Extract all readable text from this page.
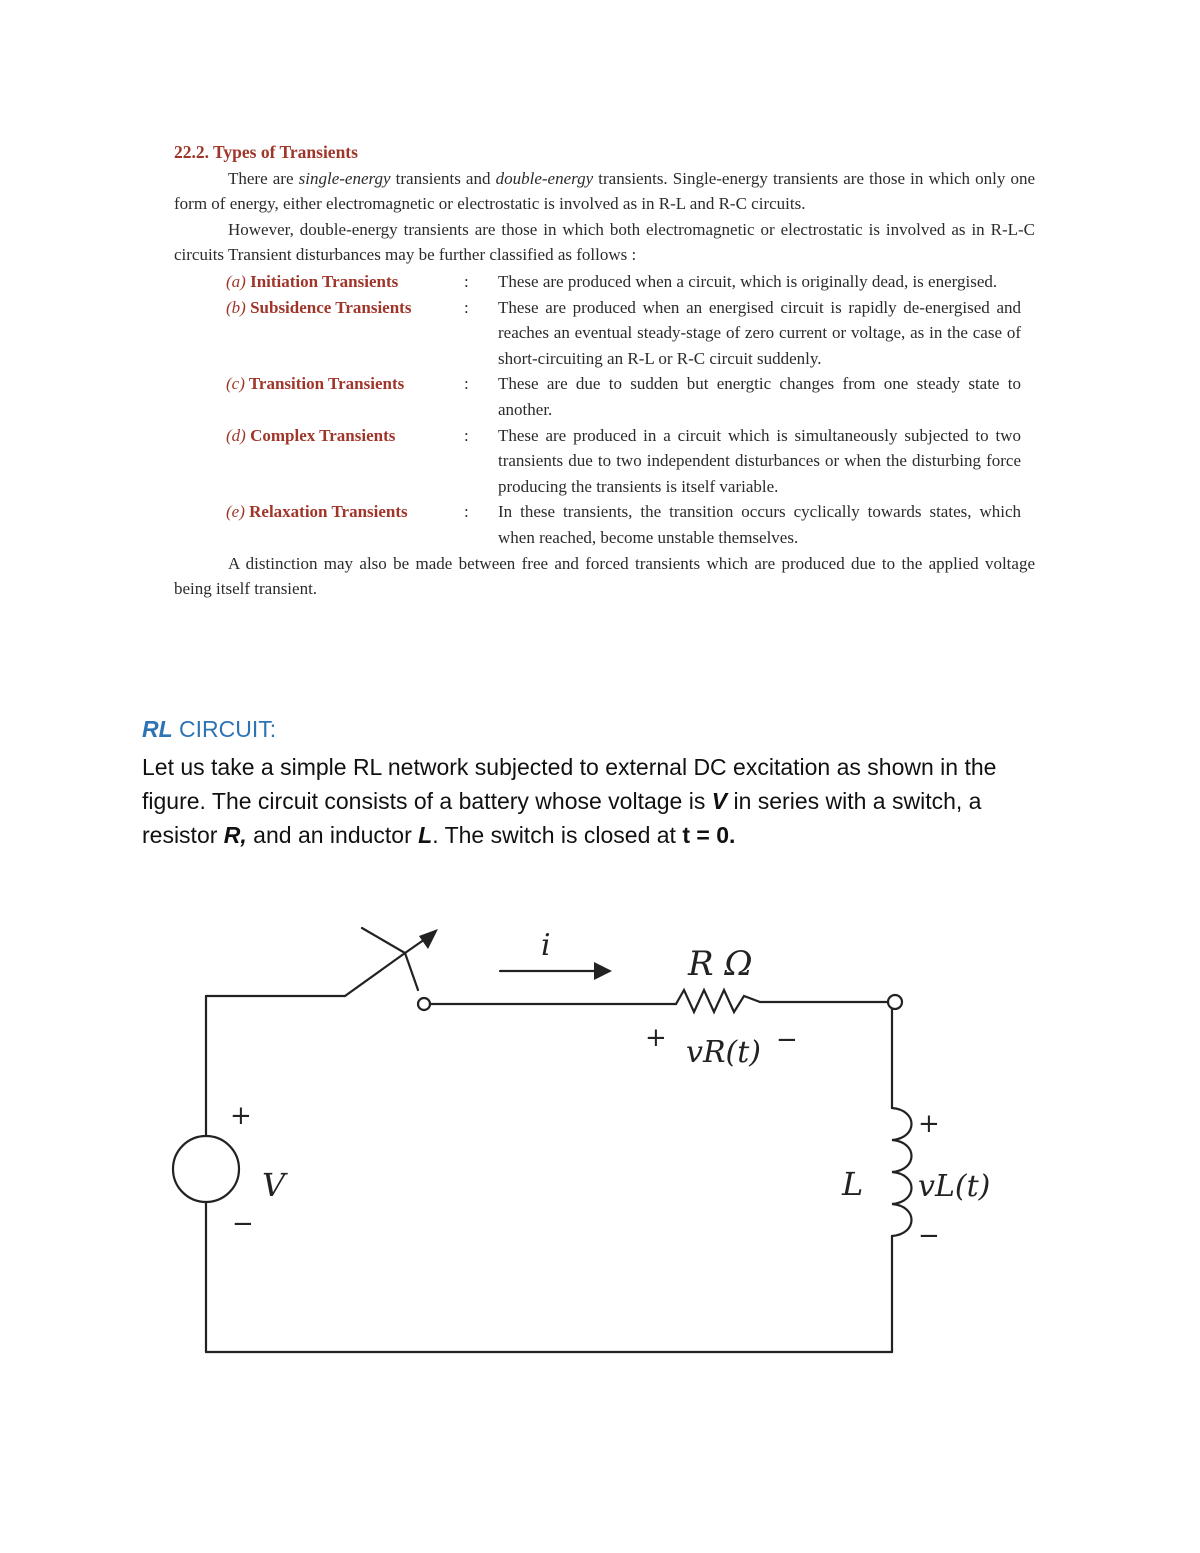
22.2. Types of Transients

There are single-energy transients and double-energy transients. Single-energy transients are those in which only one form of energy, either electromagnetic or electrostatic is involved as in R-L and R-C circuits.

However, double-energy transients are those in which both electromagnetic or electrostatic is involved as in R-L-C circuits Transient disturbances may be further classified as follows :

(a) Initiation Transients	:	These are produced when a circuit, which is originally dead, is energised.
(b) Subsidence Transients	:	These are produced when an energised circuit is rapidly de-energised and reaches an eventual steady-stage of zero current or voltage, as in the case of short-circuiting an R-L or R-C circuit suddenly.
(c) Transition Transients	:	These are due to sudden but energtic changes from one steady state to another.
(d) Complex Transients	:	These are produced in a circuit which is simultaneously subjected to two transients due to two independent disturbances or when the disturbing force producing the transients is itself variable.
(e) Relaxation Transients	:	In these transients, the transition occurs cyclically towards states, which when reached, become unstable themselves.

A distinction may also be made between free and forced transients which are produced due to the applied voltage being itself transient.

RL CIRCUIT:
Let us take a simple RL network subjected to external DC excitation as shown in the figure. The circuit consists of a battery whose voltage is V in series with a switch, a resistor R, and an inductor L. The switch is closed at t = 0.
i	R Ω
+ vR(t) −
+
V
−
L
+
vL(t)
−
